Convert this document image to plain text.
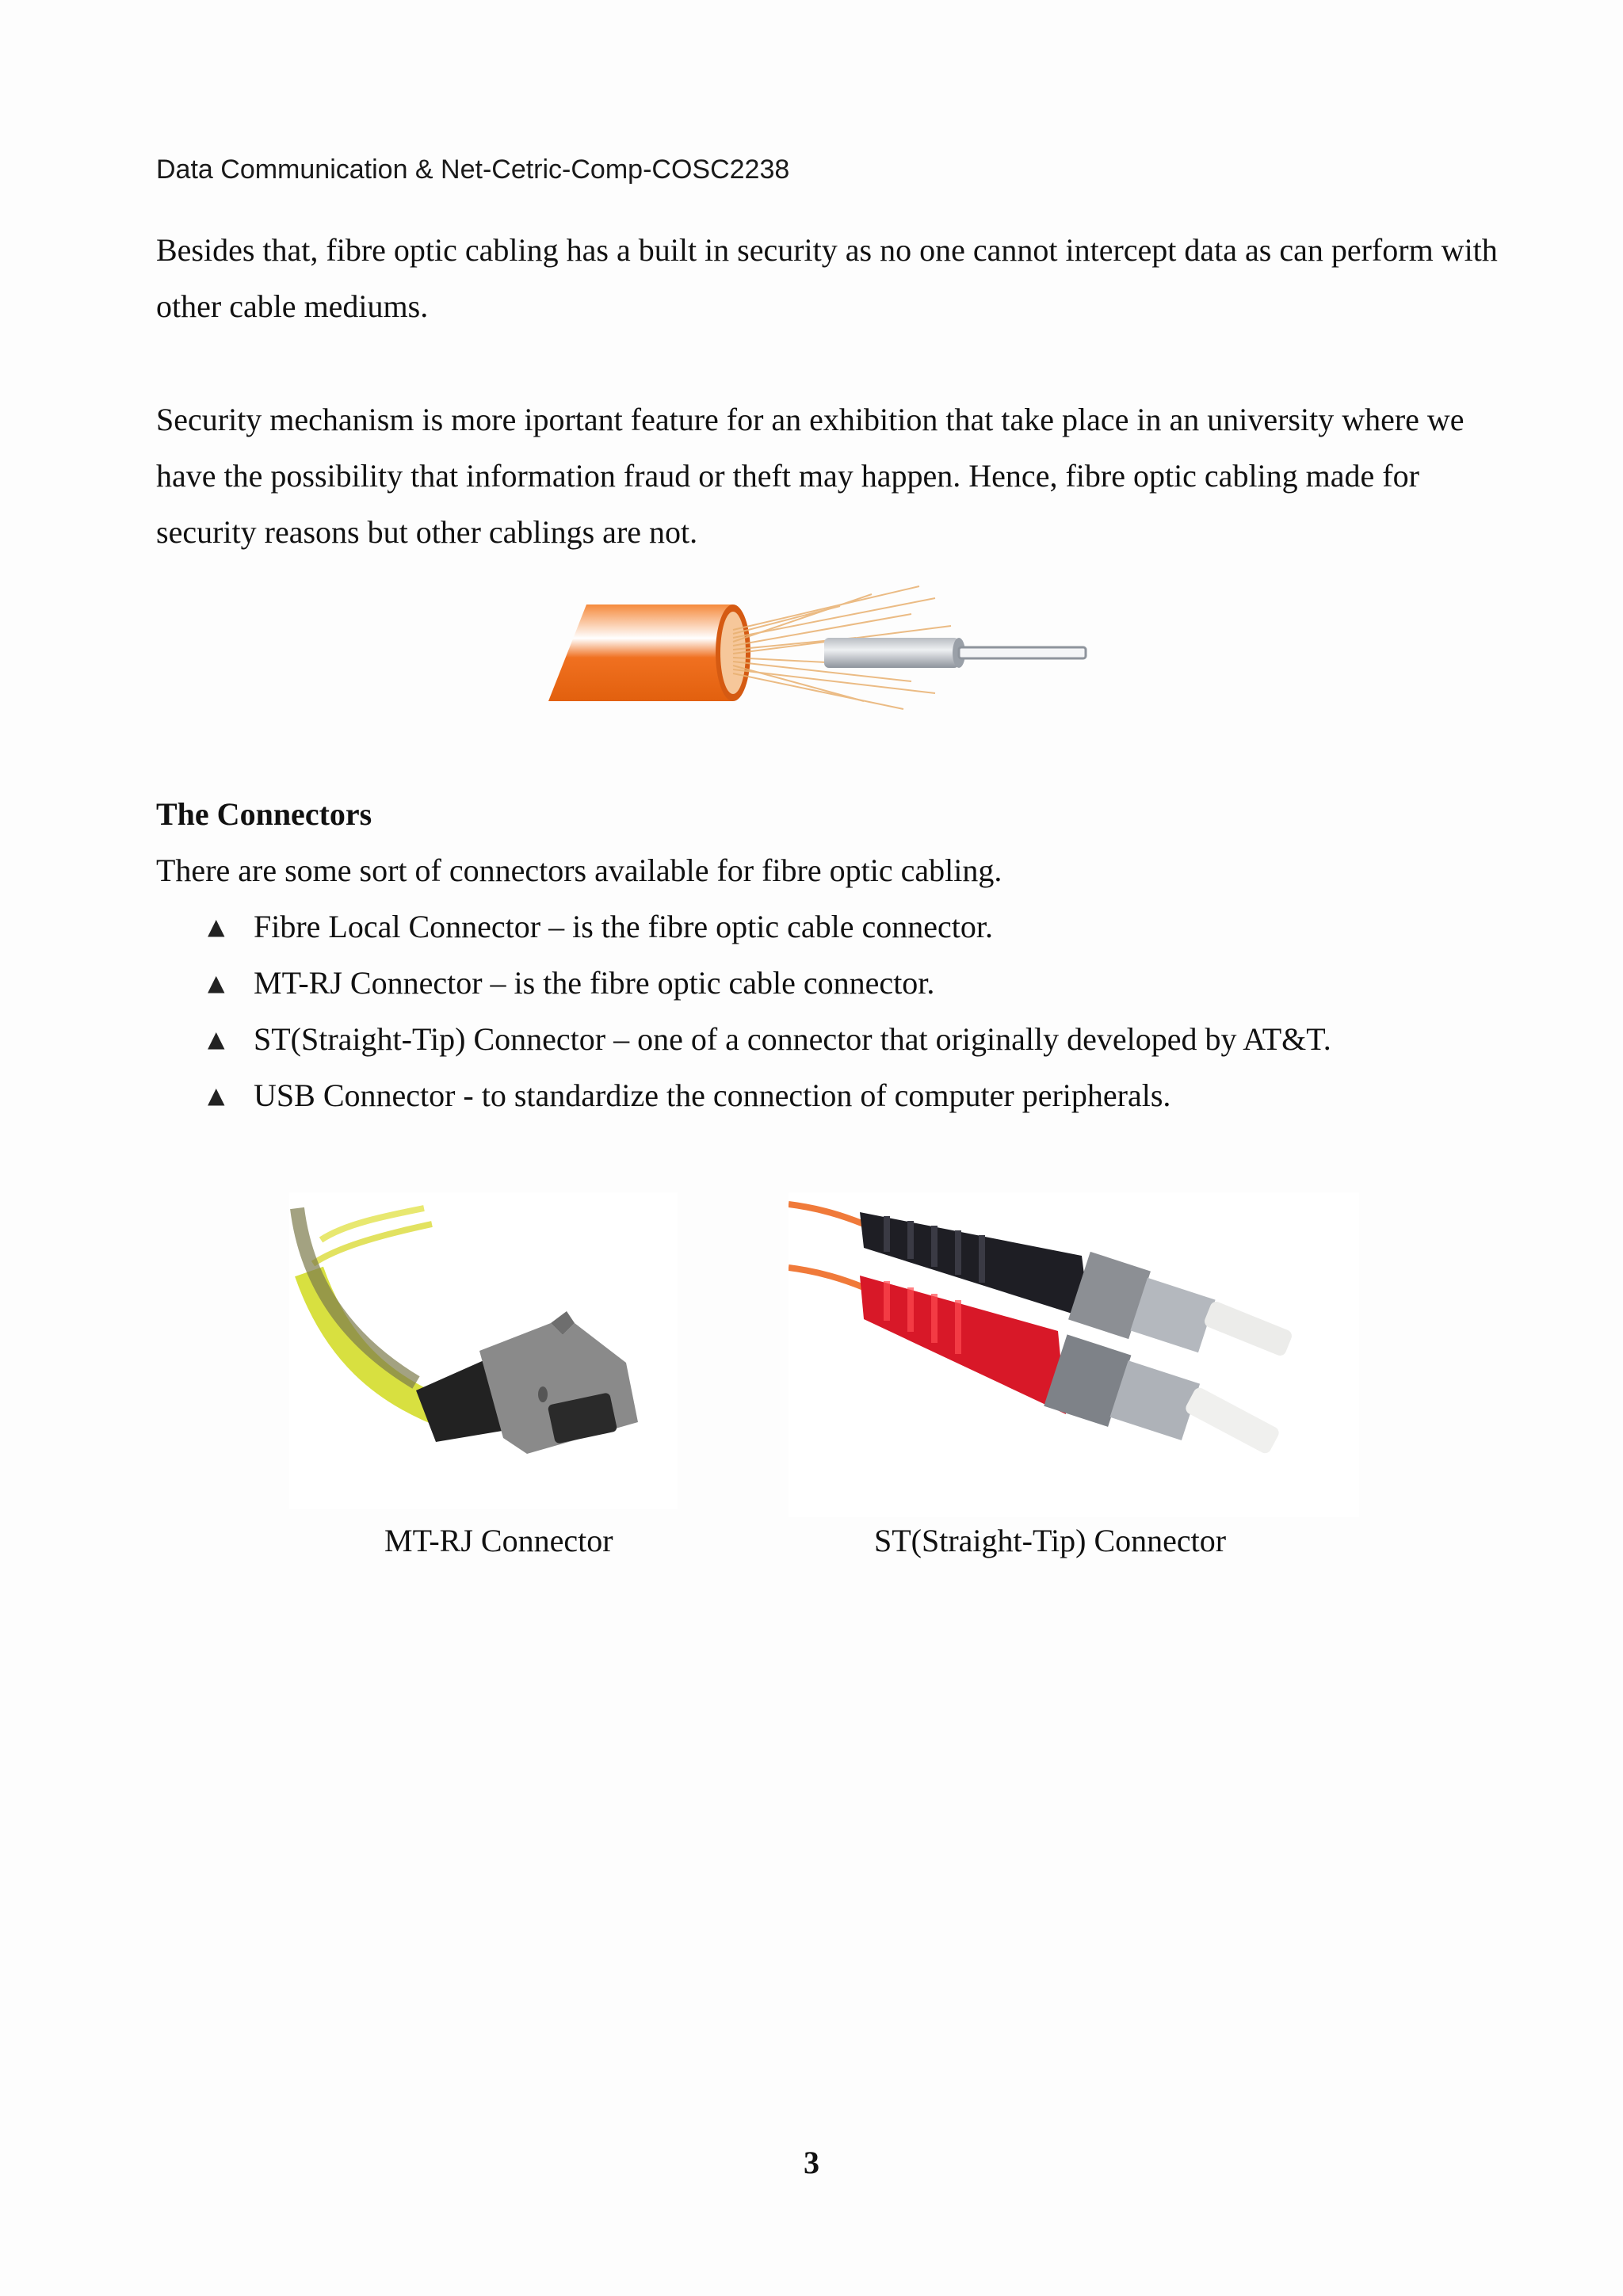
Data Communication & Net-Cetric-Comp-COSC2238
Besides that, fibre optic cabling has a built in security as no one cannot intercept data as can perform with other cable mediums.
Security mechanism is more iportant feature for an exhibition that take place in an university where we have the possibility that information fraud or theft may happen. Hence, fibre optic cabling made for security reasons but other cablings are not.
The Connectors
There are some sort of connectors available for fibre optic cabling.
▲ Fibre Local Connector – is the fibre optic cable connector.
▲ MT-RJ Connector – is the fibre optic cable connector.
▲ ST(Straight-Tip) Connector – one of a connector that originally developed by AT&T.
▲ USB Connector - to standardize the connection of computer peripherals.
MT-RJ Connector	ST(Straight-Tip) Connector
3
